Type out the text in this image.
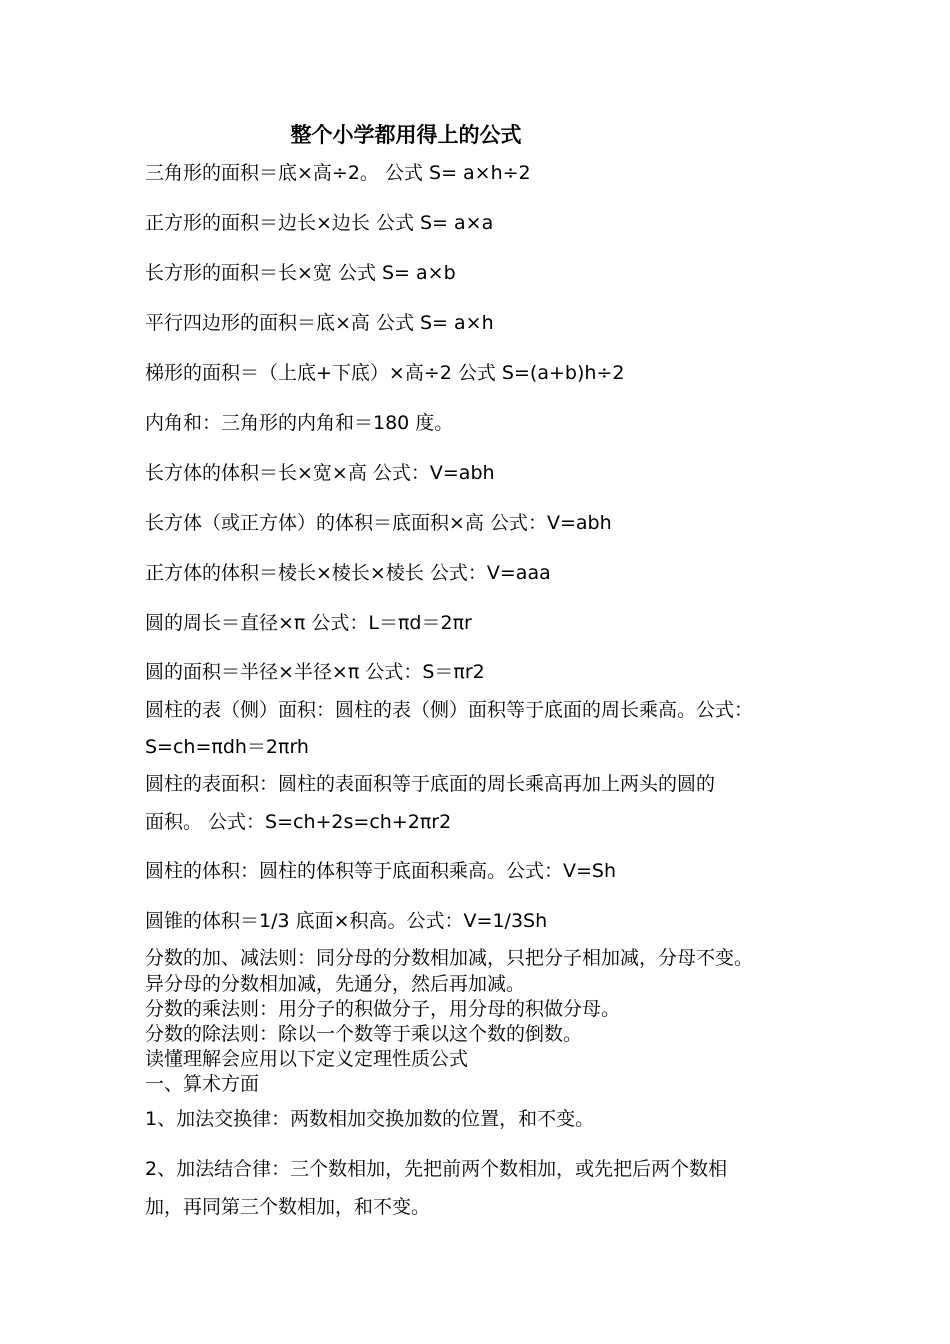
整个小学都用得上的公式
三角形的面积＝底×高÷2。 公式 S= a×h÷2
正方形的面积＝边长×边长 公式 S= a×a
长方形的面积＝长×宽 公式 S= a×b
平行四边形的面积＝底×高 公式 S= a×h
梯形的面积＝（上底+下底）×高÷2 公式 S=(a+b)h÷2
内角和：三角形的内角和＝180 度。
长方体的体积＝长×宽×高 公式：V=abh
长方体（或正方体）的体积＝底面积×高 公式：V=abh
正方体的体积＝棱长×棱长×棱长 公式：V=aaa
圆的周长＝直径×π 公式：L＝πd＝2πr
圆的面积＝半径×半径×π 公式：S＝πr2
圆柱的表（侧）面积：圆柱的表（侧）面积等于底面的周长乘高。公式：
S=ch=πdh＝2πrh
圆柱的表面积：圆柱的表面积等于底面的周长乘高再加上两头的圆的
面积。 公式：S=ch+2s=ch+2πr2
圆柱的体积：圆柱的体积等于底面积乘高。公式：V=Sh
圆锥的体积＝1/3 底面×积高。公式：V=1/3Sh
分数的加、减法则：同分母的分数相加减，只把分子相加减，分母不变。
异分母的分数相加减，先通分，然后再加减。
分数的乘法则：用分子的积做分子，用分母的积做分母。
分数的除法则：除以一个数等于乘以这个数的倒数。
读懂理解会应用以下定义定理性质公式
一、算术方面
1、加法交换律：两数相加交换加数的位置，和不变。
2、加法结合律：三个数相加，先把前两个数相加，或先把后两个数相
加，再同第三个数相加，和不变。
